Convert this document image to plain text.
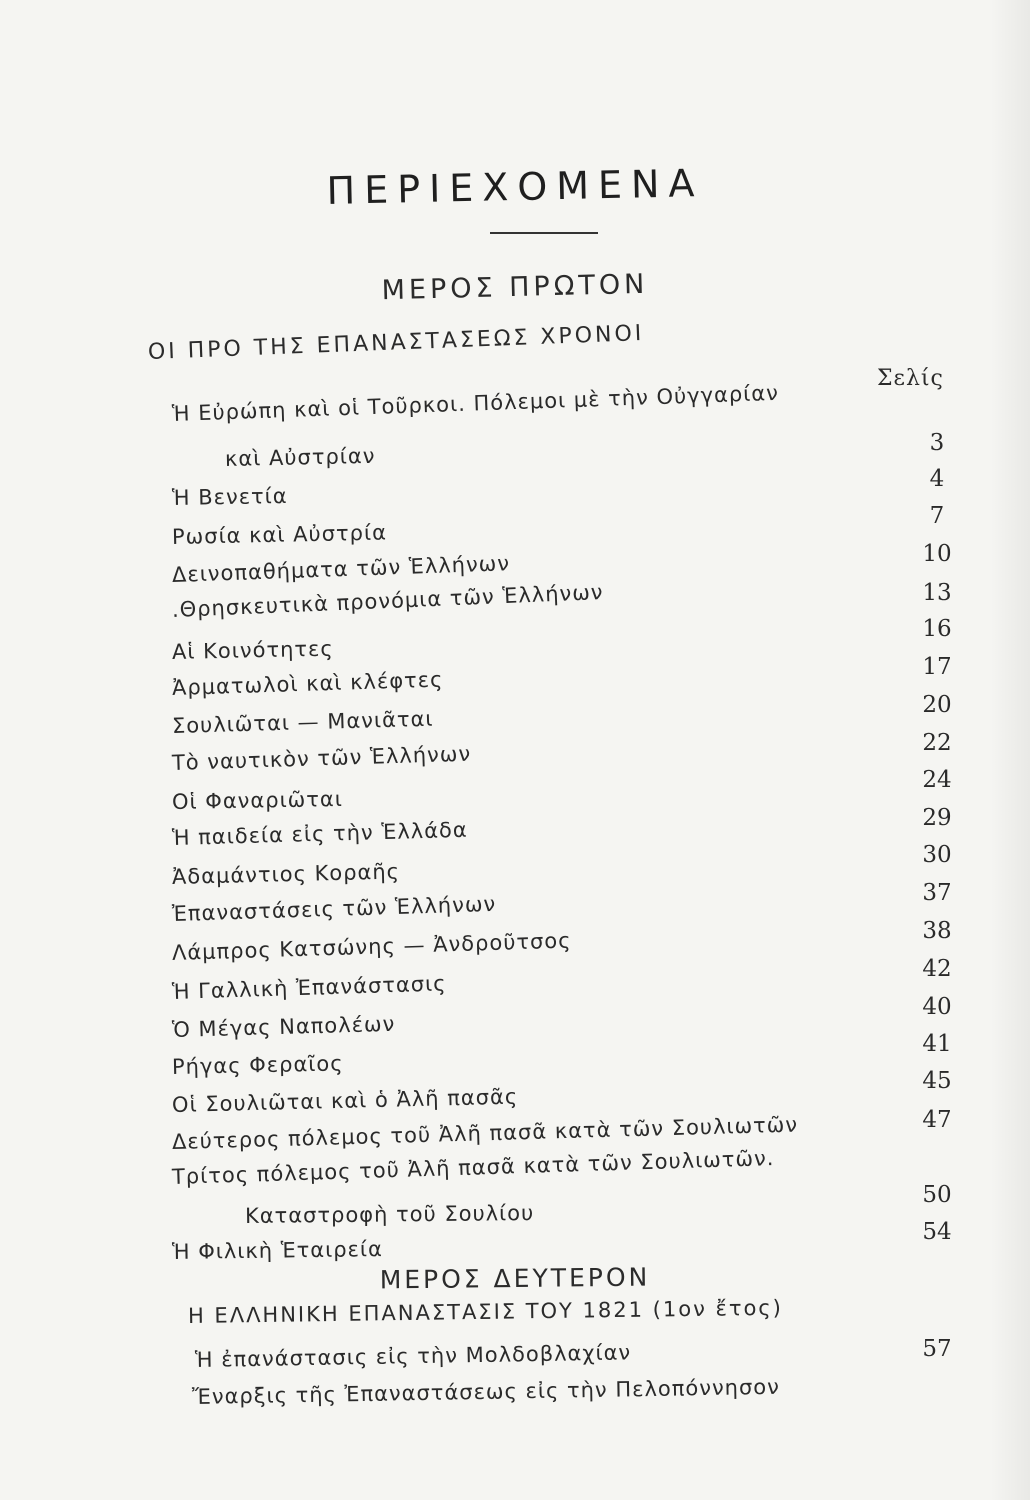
ΠΕΡΙΕΧΟΜΕΝΑ
ΜΕΡΟΣ ΠΡΩΤΟΝ
ΟΙ ΠΡΟ ΤΗΣ ΕΠΑΝΑΣΤΑΣΕΩΣ ΧΡΟΝΟΙ
Σελίς
Ἡ Εὐρώπη καὶ οἱ Τοῦρκοι. Πόλεμοι μὲ τὴν Οὐγγαρίαν
καὶ Αὐστρίαν
Ἡ Βενετία
Ρωσία καὶ Αὐστρία
Δεινοπαθήματα τῶν Ἑλλήνων
.Θρησκευτικὰ προνόμια τῶν Ἑλλήνων
Αἱ Κοινότητες
Ἀρματωλοὶ καὶ κλέφτες
Σουλιῶται — Μανιᾶται
Τὸ ναυτικὸν τῶν Ἑλλήνων
Οἱ Φαναριῶται
Ἡ παιδεία εἰς τὴν Ἑλλάδα
Ἀδαμάντιος Κοραῆς
Ἐπαναστάσεις τῶν Ἑλλήνων
Λάμπρος Κατσώνης — Ἀνδροῦτσος
Ἡ Γαλλικὴ Ἐπανάστασις
Ὁ Μέγας Ναπολέων
Ρήγας Φεραῖος
Οἱ Σουλιῶται καὶ ὁ Ἀλῆ πασᾶς
Δεύτερος πόλεμος τοῦ Ἀλῆ πασᾶ κατὰ τῶν Σουλιωτῶν
Τρίτος πόλεμος τοῦ Ἀλῆ πασᾶ κατὰ τῶν Σουλιωτῶν.
Καταστροφὴ τοῦ Σουλίου
Ἡ Φιλικὴ Ἑταιρεία
3
4
7
10
13
16
17
20
22
24
29
30
37
38
42
40
41
45
47
50
54
ΜΕΡΟΣ ΔΕΥΤΕΡΟΝ
Η ΕΛΛΗΝΙΚΗ ΕΠΑΝΑΣΤΑΣΙΣ ΤΟΥ 1821 (1ον ἔτος)
Ἡ ἐπανάστασις εἰς τὴν Μολδοβλαχίαν	57
Ἔναρξις τῆς Ἐπαναστάσεως εἰς τὴν Πελοπόννησον
